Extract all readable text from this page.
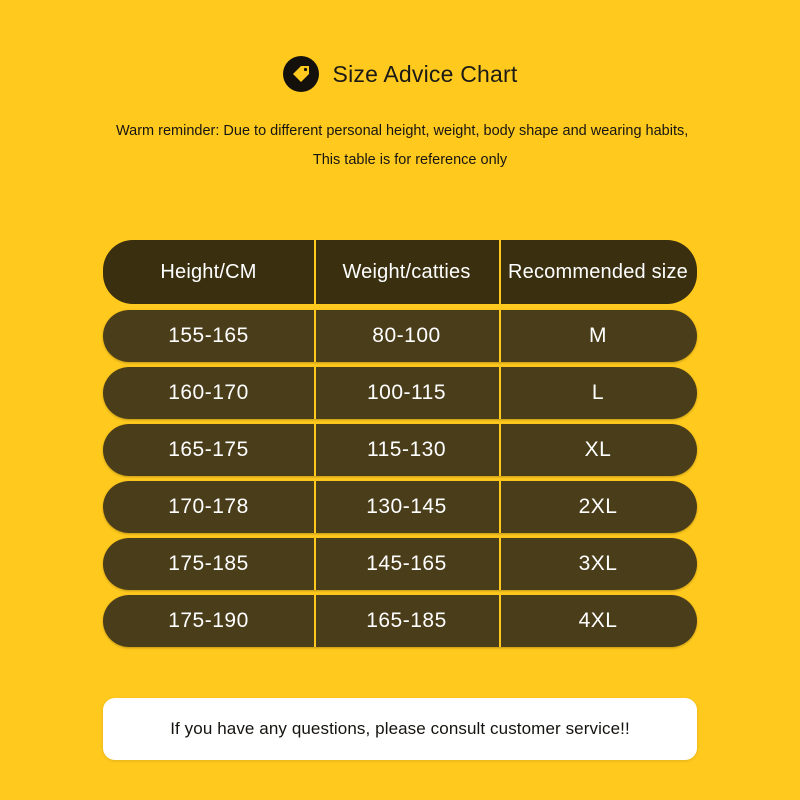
Size Advice Chart
Warm reminder: Due to different personal height, weight, body shape and wearing habits,
This table is for reference only
Height/CM	Weight/catties	Recommended size
155-165	80-100	M
160-170	100-115	L
165-175	115-130	XL
170-178	130-145	2XL
175-185	145-165	3XL
175-190	165-185	4XL
If you have any questions, please consult customer service!!
